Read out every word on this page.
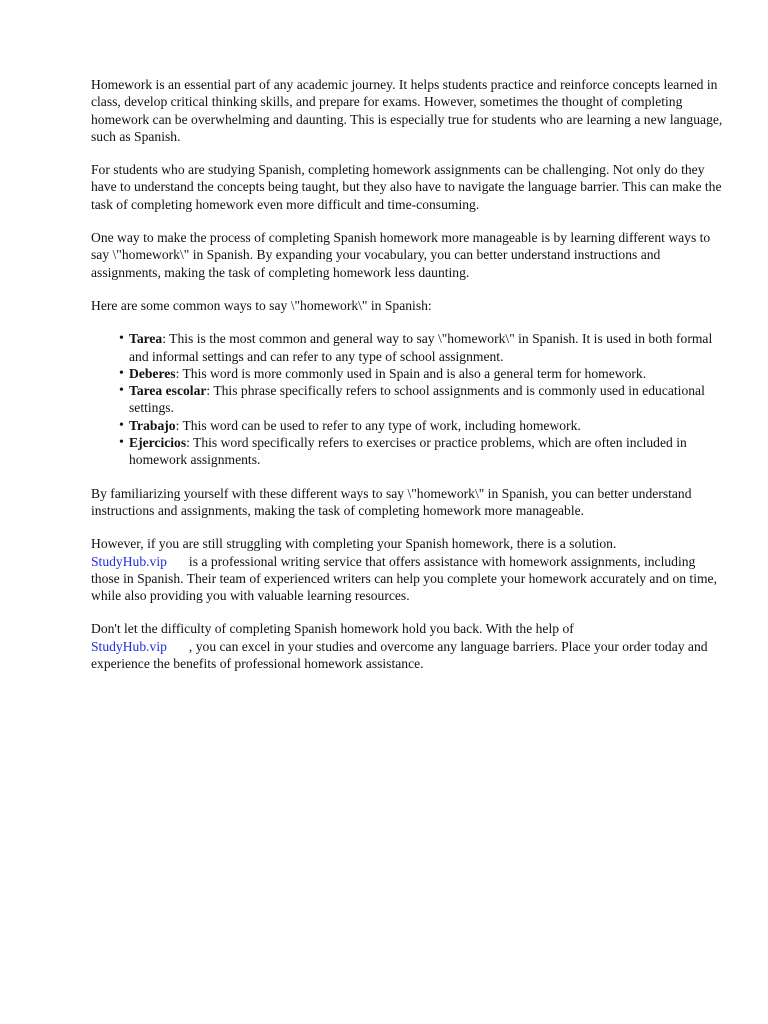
Homework is an essential part of any academic journey. It helps students practice and reinforce concepts learned in class, develop critical thinking skills, and prepare for exams. However, sometimes the thought of completing homework can be overwhelming and daunting. This is especially true for students who are learning a new language, such as Spanish.

For students who are studying Spanish, completing homework assignments can be challenging. Not only do they have to understand the concepts being taught, but they also have to navigate the language barrier. This can make the task of completing homework even more difficult and time-consuming.

One way to make the process of completing Spanish homework more manageable is by learning different ways to say \"homework\" in Spanish. By expanding your vocabulary, you can better understand instructions and assignments, making the task of completing homework less daunting.

Here are some common ways to say \"homework\" in Spanish:

• Tarea: This is the most common and general way to say \"homework\" in Spanish. It is used in both formal and informal settings and can refer to any type of school assignment.
• Deberes: This word is more commonly used in Spain and is also a general term for homework.
• Tarea escolar: This phrase specifically refers to school assignments and is commonly used in educational settings.
• Trabajo: This word can be used to refer to any type of work, including homework.
• Ejercicios: This word specifically refers to exercises or practice problems, which are often included in homework assignments.

By familiarizing yourself with these different ways to say \"homework\" in Spanish, you can better understand instructions and assignments, making the task of completing homework more manageable.

However, if you are still struggling with completing your Spanish homework, there is a solution.
StudyHub.vip is a professional writing service that offers assistance with homework assignments, including those in Spanish. Their team of experienced writers can help you complete your homework accurately and on time, while also providing you with valuable learning resources.

Don't let the difficulty of completing Spanish homework hold you back. With the help of
StudyHub.vip , you can excel in your studies and overcome any language barriers. Place your order today and experience the benefits of professional homework assistance.
